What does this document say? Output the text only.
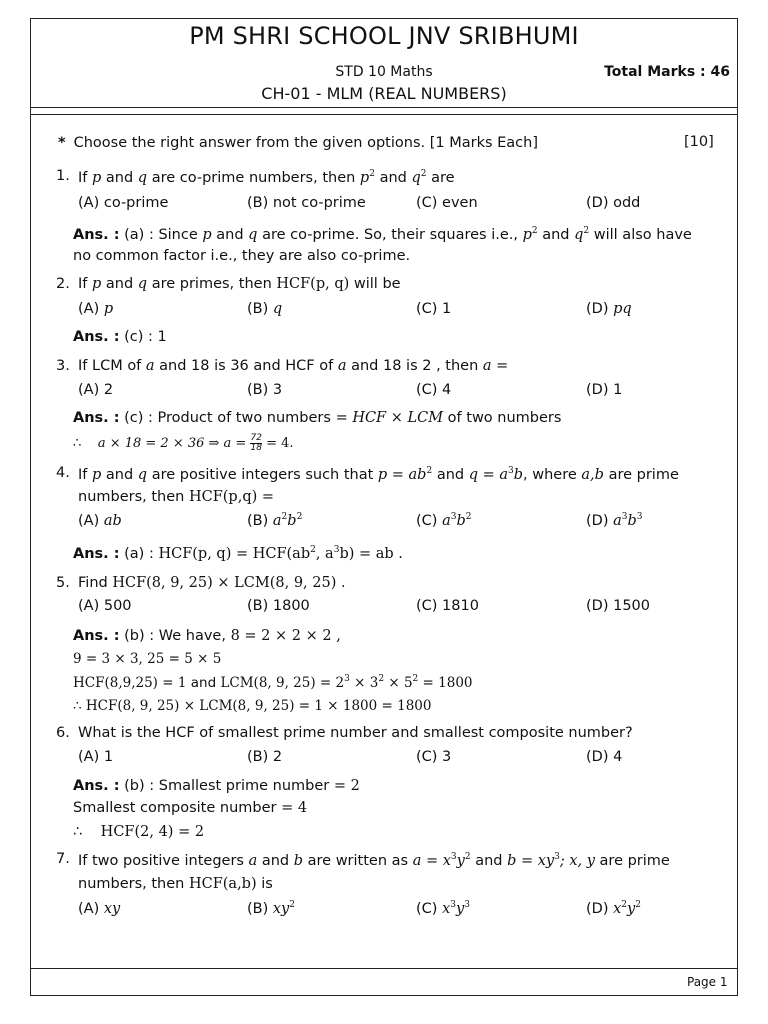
PM SHRI SCHOOL JNV SRIBHUMI
STD 10 Maths	Total Marks : 46
CH-01 - MLM (REAL NUMBERS)
* Choose the right answer from the given options. [1 Marks Each]	[10]
1. If p and q are co-prime numbers, then $p^2$ and $q^2$ are
(A) co-prime	(B) not co-prime	(C) even	(D) odd
Ans. : (a) : Since p and q are co-prime. So, their squares i.e., $p^2$ and $q^2$ will also have
no common factor i.e., they are also co-prime.
2. If p and q are primes, then HCF(p, q) will be
(A) p	(B) q	(C) 1	(D) pq
Ans. : (c) : 1
3. If LCM of a and 18 is 36 and HCF of a and 18 is 2 , then a =
(A) 2	(B) 3	(C) 4	(D) 1
Ans. : (c) : Product of two numbers = HCF × LCM of two numbers
∴ a × 18 = 2 × 36 ⇒ $a = \frac{72}{18} = 4$.
4. If p and q are positive integers such that $p = ab^2$ and $q = a^3b$, where a,b are prime
numbers, then HCF(p,q) =
(A) ab	(B) $a^2b^2$	(C) $a^3b^2$	(D) $a^3b^3$
Ans. : (a) : HCF(p, $q) = HCF(ab^2$, $a^3b$) = ab .
5. Find HCF(8, 9, 25) × LCM(8, 9, 25) .
(A) 500	(B) 1800	(C) 1810	(D) 1500
Ans. : (b) : We have, 8 = 2 × 2 × 2 ,
9 = 3 × 3, 25 = 5 × 5
HCF(8,9,25) = 1 and LCM(8, 9, $25) = 2^3 \times 3^2 \times 5^2 = 1800$
∴ HCF(8, 9, 25) × LCM(8, 9, 25) = 1 × 1800 = 1800
6. What is the HCF of smallest prime number and smallest composite number?
(A) 1	(B) 2	(C) 3	(D) 4
Ans. : (b) : Smallest prime number = 2
Smallest composite number = 4
∴ HCF(2, 4) = 2
7. If two positive integers a and b are written as $a = x^3y^2$ and $b = xy^3$; x, y are prime
numbers, then HCF(a,b) is
(A) xy	(B) $xy^2$	(C) $x^3y^3$	(D) $x^2y^2$
Page 1
